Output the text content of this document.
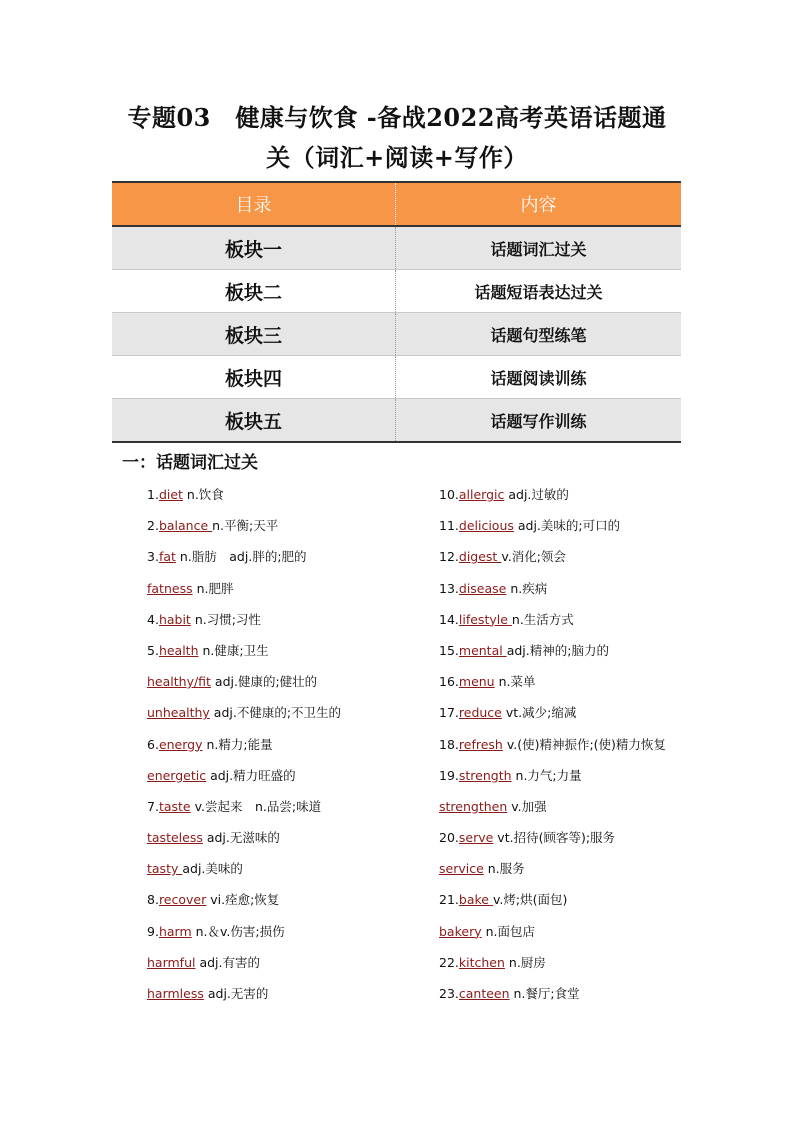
专题03　健康与饮食 -备战2022高考英语话题通
关（词汇+阅读+写作）
目录	内容
板块一	话题词汇过关
板块二	话题短语表达过关
板块三	话题句型练笔
板块四	话题阅读训练
板块五	话题写作训练
一：话题词汇过关
1.diet n.饮食
2.balance n.平衡;天平
3.fat n.脂肪　adj.胖的;肥的
fatness n.肥胖
4.habit n.习惯;习性
5.health n.健康;卫生
healthy/fit adj.健康的;健壮的
unhealthy adj.不健康的;不卫生的
6.energy n.精力;能量
energetic adj.精力旺盛的
7.taste v.尝起来　n.品尝;味道
tasteless adj.无滋味的
tasty adj.美味的
8.recover vi.痊愈;恢复
9.harm n.＆v.伤害;损伤
harmful adj.有害的
harmless adj.无害的
10.allergic adj.过敏的
11.delicious adj.美味的;可口的
12.digest v.消化;领会
13.disease n.疾病
14.lifestyle n.生活方式
15.mental adj.精神的;脑力的
16.menu n.菜单
17.reduce vt.减少;缩减
18.refresh v.(使)精神振作;(使)精力恢复
19.strength n.力气;力量
strengthen v.加强
20.serve vt.招待(顾客等);服务
service n.服务
21.bake v.烤;烘(面包)
bakery n.面包店
22.kitchen n.厨房
23.canteen n.餐厅;食堂
